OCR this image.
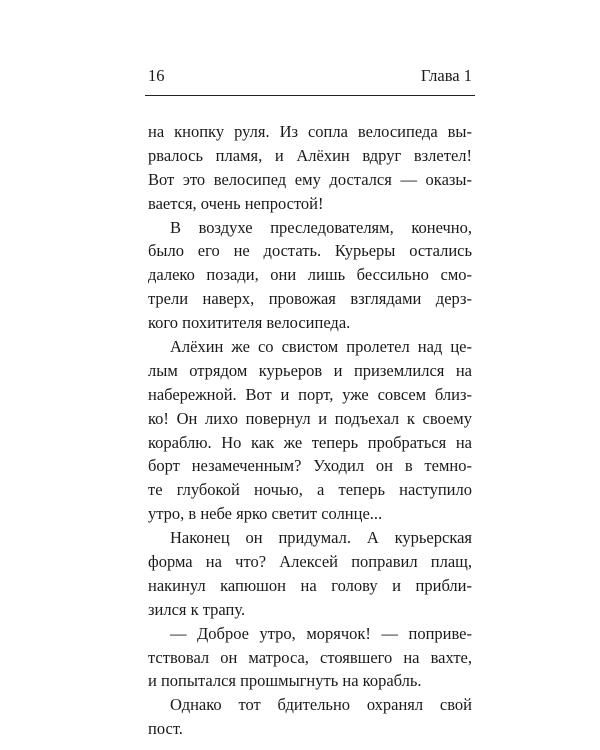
16	Глава 1
на кнопку руля. Из сопла велосипеда вы-
рвалось пламя, и Алёхин вдруг взлетел!
Вот это велосипед ему достался — оказы-
вается, очень непростой!
В воздухе преследователям, конечно,
было его не достать. Курьеры остались
далеко позади, они лишь бессильно смо-
трели наверх, провожая взглядами дерз-
кого похитителя велосипеда.
Алёхин же со свистом пролетел над це-
лым отрядом курьеров и приземлился на
набережной. Вот и порт, уже совсем близ-
ко! Он лихо повернул и подъехал к своему
кораблю. Но как же теперь пробраться на
борт незамеченным? Уходил он в темно-
те глубокой ночью, а теперь наступило
утро, в небе ярко светит солнце...
Наконец он придумал. А курьерская
форма на что? Алексей поправил плащ,
накинул капюшон на голову и прибли-
зился к трапу.
— Доброе утро, морячок! — поприве-
тствовал он матроса, стоявшего на вахте,
и попытался прошмыгнуть на корабль.
Однако тот бдительно охранял свой
пост.
